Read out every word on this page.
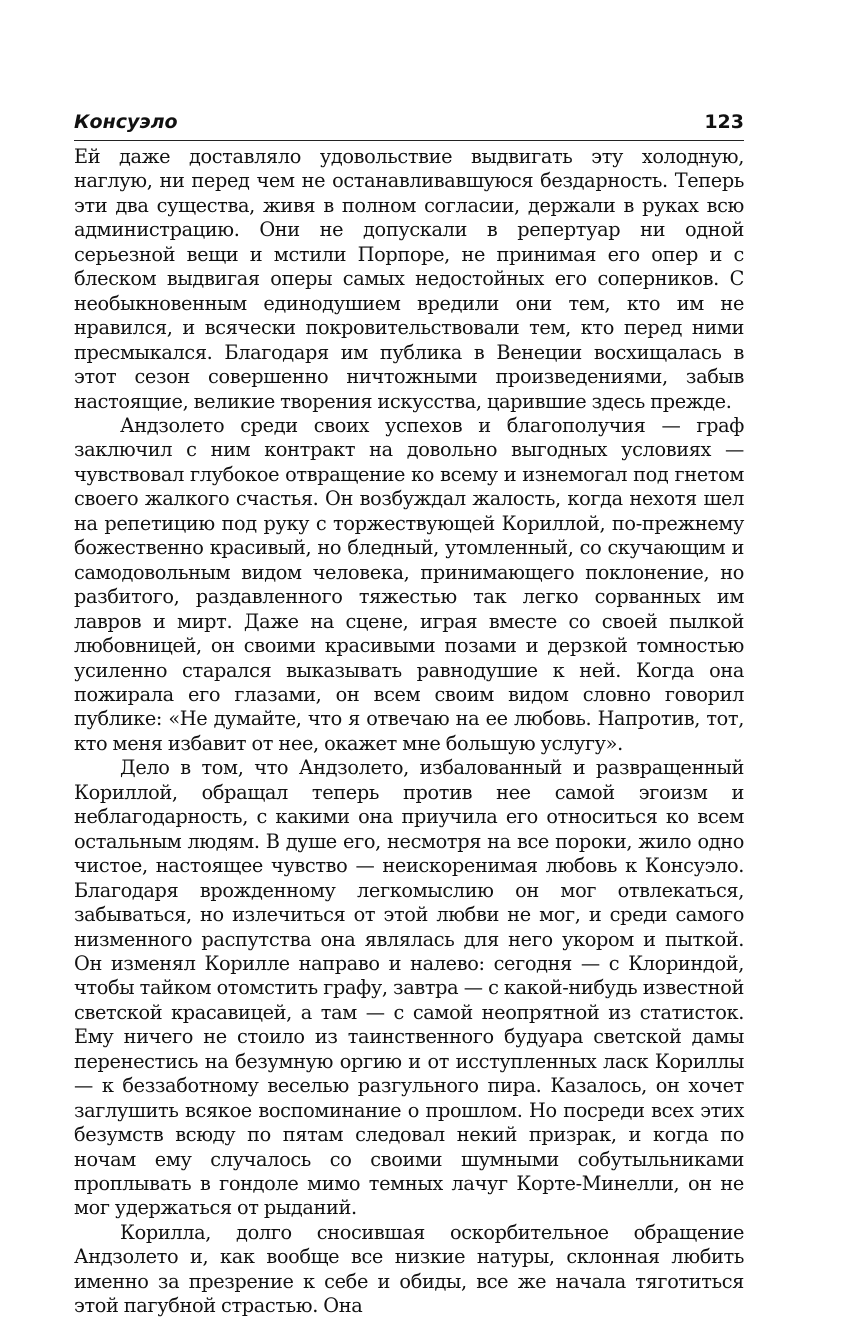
Консуэло	123

Ей даже доставляло удовольствие выдвигать эту холодную, наглую, ни перед чем не останавливавшуюся бездарность. Теперь эти два существа, живя в полном согласии, держали в руках всю администрацию. Они не допускали в репертуар ни одной серьезной вещи и мстили Порпоре, не принимая его опер и с блеском выдвигая оперы самых недостойных его соперников. С необыкновенным единодушием вредили они тем, кто им не нравился, и всячески покровительствовали тем, кто перед ними пресмыкался. Благодаря им публика в Венеции восхищалась в этот сезон совершенно ничтожными произведениями, забыв настоящие, великие творения искусства, царившие здесь прежде.

Андзолето среди своих успехов и благополучия — граф заключил с ним контракт на довольно выгодных условиях — чувствовал глубокое отвращение ко всему и изнемогал под гнетом своего жалкого счастья. Он возбуждал жалость, когда нехотя шел на репетицию под руку с торжествующей Кориллой, по-прежнему божественно красивый, но бледный, утомленный, со скучающим и самодовольным видом человека, принимающего поклонение, но разбитого, раздавленного тяжестью так легко сорванных им лавров и мирт. Даже на сцене, играя вместе со своей пылкой любовницей, он своими красивыми позами и дерзкой томностью усиленно старался выказывать равнодушие к ней. Когда она пожирала его глазами, он всем своим видом словно говорил публике: «Не думайте, что я отвечаю на ее любовь. Напротив, тот, кто меня избавит от нее, окажет мне большую услугу».

Дело в том, что Андзолето, избалованный и развращенный Кориллой, обращал теперь против нее самой эгоизм и неблагодарность, с какими она приучила его относиться ко всем остальным людям. В душе его, несмотря на все пороки, жило одно чистое, настоящее чувство — неискоренимая любовь к Консуэло. Благодаря врожденному легкомыслию он мог отвлекаться, забываться, но излечиться от этой любви не мог, и среди самого низменного распутства она являлась для него укором и пыткой. Он изменял Корилле направо и налево: сегодня — с Клориндой, чтобы тайком отомстить графу, завтра — с какой-нибудь известной светской красавицей, а там — с самой неопрятной из статисток. Ему ничего не стоило из таинственного будуара светской дамы перенестись на безумную оргию и от исступленных ласк Кориллы — к беззаботному веселью разгульного пира. Казалось, он хочет заглушить всякое воспоминание о прошлом. Но посреди всех этих безумств всюду по пятам следовал некий призрак, и когда по ночам ему случалось со своими шумными собутыльниками проплывать в гондоле мимо темных лачуг Корте-Минелли, он не мог удержаться от рыданий.

Корилла, долго сносившая оскорбительное обращение Андзолето и, как вообще все низкие натуры, склонная любить именно за презрение к себе и обиды, все же начала тяготиться этой пагубной страстью. Она
